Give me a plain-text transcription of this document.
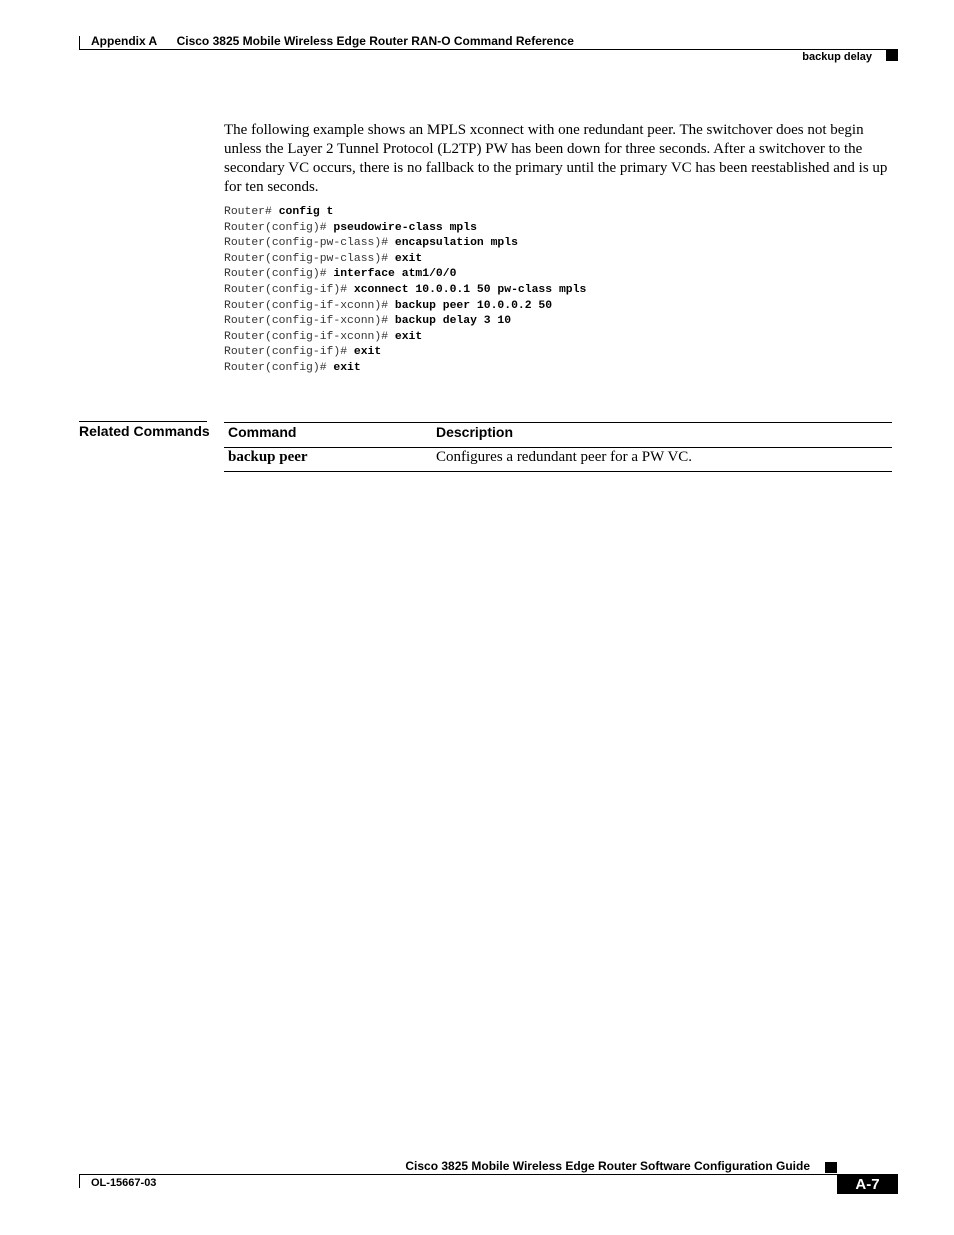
Appendix A Cisco 3825 Mobile Wireless Edge Router RAN-O Command Reference
backup delay
The following example shows an MPLS xconnect with one redundant peer. The switchover does not begin unless the Layer 2 Tunnel Protocol (L2TP) PW has been down for three seconds. After a switchover to the secondary VC occurs, there is no fallback to the primary until the primary VC has been reestablished and is up for ten seconds.
Router# config t
Router(config)# pseudowire-class mpls
Router(config-pw-class)# encapsulation mpls
Router(config-pw-class)# exit
Router(config)# interface atm1/0/0
Router(config-if)# xconnect 10.0.0.1 50 pw-class mpls
Router(config-if-xconn)# backup peer 10.0.0.2 50
Router(config-if-xconn)# backup delay 3 10
Router(config-if-xconn)# exit
Router(config-if)# exit
Router(config)# exit
Related Commands Command	Description
backup peer	Configures a redundant peer for a PW VC.
Cisco 3825 Mobile Wireless Edge Router Software Configuration Guide
OL-15667-03	A-7
